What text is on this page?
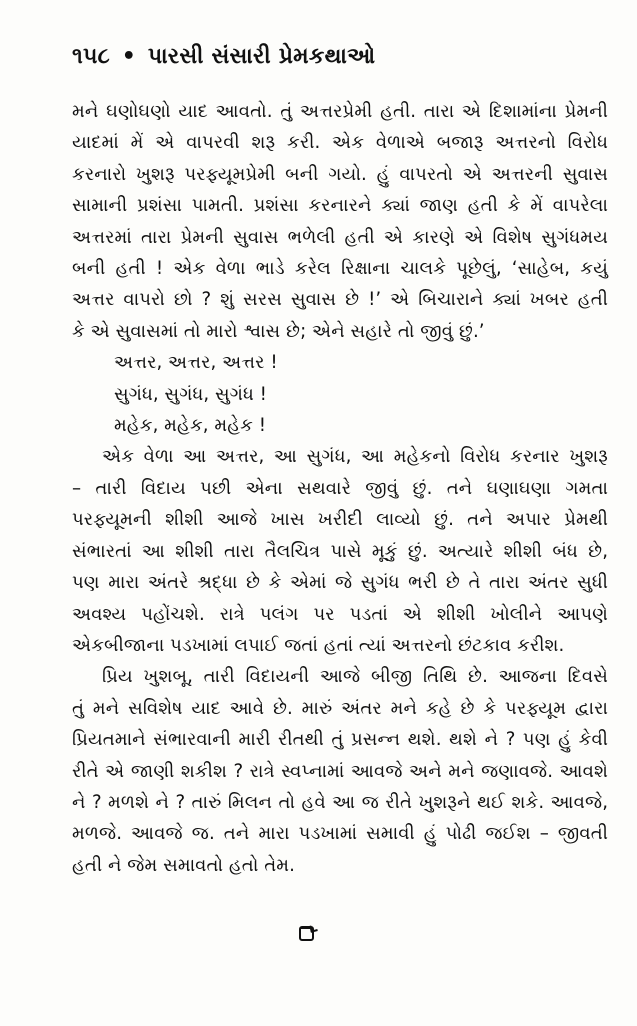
૧૫૮ • પારસી સંસારી પ્રેમકથાઓ
મને ઘણોઘણો યાદ આવતો. તું અત્તરપ્રેમી હતી. તારા એ દિશામાંના પ્રેમની
યાદમાં મેં એ વાપરવી શરૂ કરી. એક વેળાએ બજારૂ અત્તરનો વિરોધ
કરનારો ખુશરૂ પરફ્યૂમપ્રેમી બની ગયો. હું વાપરતો એ અત્તરની સુવાસ
સામાની પ્રશંસા પામતી. પ્રશંસા કરનારને ક્યાં જાણ હતી કે મેં વાપરેલા
અત્તરમાં તારા પ્રેમની સુવાસ ભળેલી હતી એ કારણે એ વિશેષ સુગંધમય
બની હતી ! એક વેળા ભાડે કરેલ રિક્ષાના ચાલકે પૂછેલું, ‘સાહેબ, કયું
અત્તર વાપરો છો ? શું સરસ સુવાસ છે !’ એ બિચારાને ક્યાં ખબર હતી
કે એ સુવાસમાં તો મારો શ્વાસ છે; એને સહારે તો જીવું છું.’
અત્તર, અત્તર, અત્તર !
સુગંધ, સુગંધ, સુગંધ !
મહેક, મહેક, મહેક !
એક વેળા આ અત્તર, આ સુગંધ, આ મહેકનો વિરોધ કરનાર ખુશરૂ
– તારી વિદાય પછી એના સથવારે જીવું છું. તને ઘણાઘણા ગમતા
પરફ્યૂમની શીશી આજે ખાસ ખરીદી લાવ્યો છું. તને અપાર પ્રેમથી
સંભારતાં આ શીશી તારા તૈલચિત્ર પાસે મૂકું છું. અત્યારે શીશી બંધ છે,
પણ મારા અંતરે શ્રદ્ધા છે કે એમાં જે સુગંધ ભરી છે તે તારા અંતર સુધી
અવશ્ય પહોંચશે. રાત્રે પલંગ પર પડતાં એ શીશી ખોલીને આપણે
એકબીજાના પડખામાં લપાઈ જતાં હતાં ત્યાં અત્તરનો છંટકાવ કરીશ.
પ્રિય ખુશબૂ, તારી વિદાયની આજે બીજી તિથિ છે. આજના દિવસે
તું મને સવિશેષ યાદ આવે છે. મારું અંતર મને કહે છે કે પરફ્યૂમ દ્વારા
પ્રિયતમાને સંભારવાની મારી રીતથી તું પ્રસન્ન થશે. થશે ને ? પણ હું કેવી
રીતે એ જાણી શકીશ ? રાત્રે સ્વપ્નામાં આવજે અને મને જણાવજે. આવશે
ને ? મળશે ને ? તારું મિલન તો હવે આ જ રીતે ખુશરૂને થઈ શકે. આવજે,
મળજે. આવજે જ. તને મારા પડખામાં સમાવી હું પોઢી જઈશ – જીવતી
હતી ને જેમ સમાવતો હતો તેમ.
